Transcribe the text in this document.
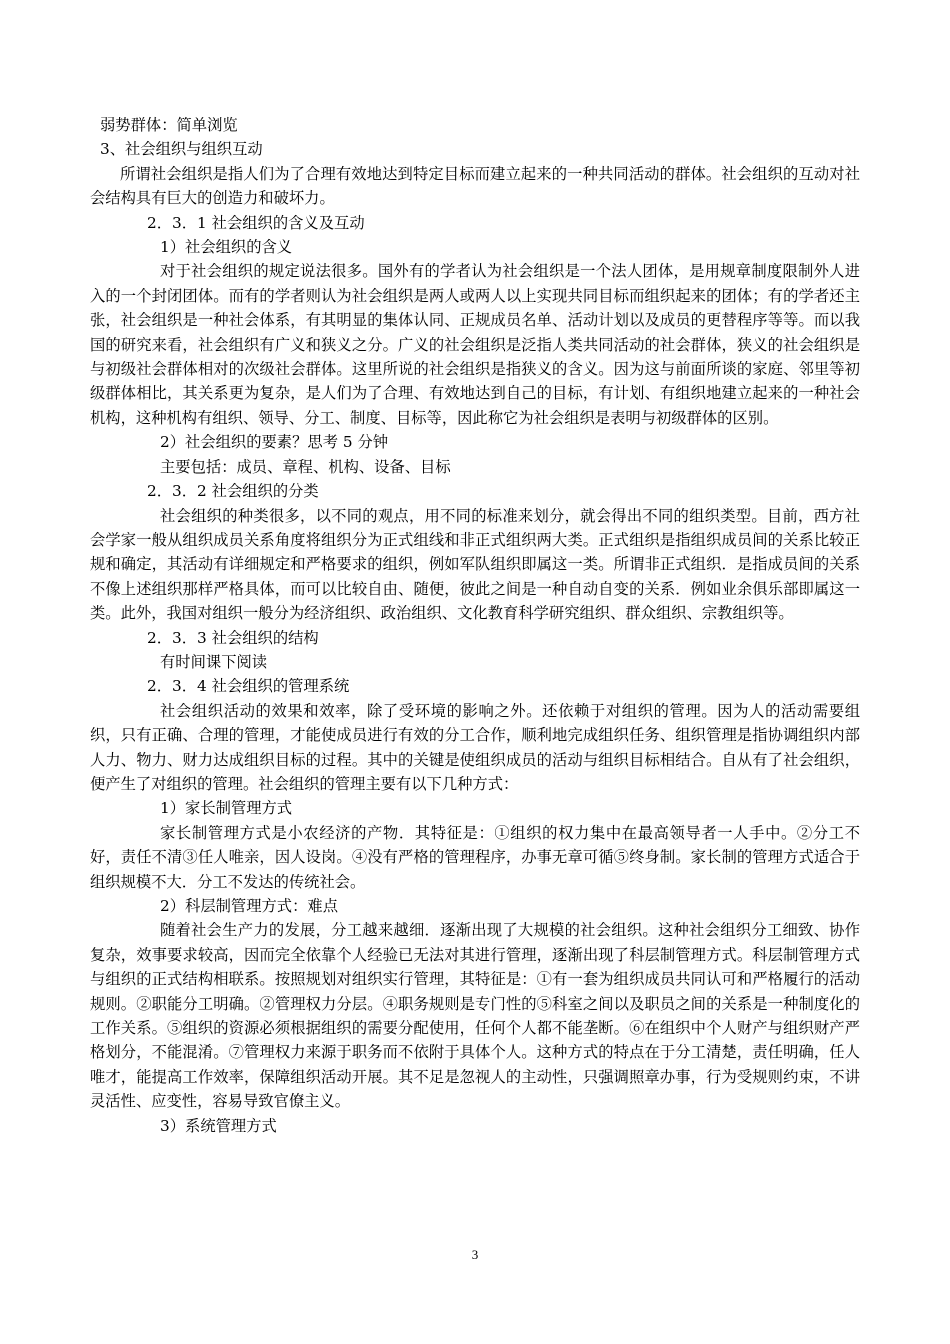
弱势群体：简单浏览

3、社会组织与组织互动

所谓社会组织是指人们为了合理有效地达到特定目标而建立起来的一种共同活动的群体。社会组织的互动对社会结构具有巨大的创造力和破坏力。

2．3．1 社会组织的含义及互动

1）社会组织的含义

对于社会组织的规定说法很多。国外有的学者认为社会组织是一个法人团体，是用规章制度限制外人进入的一个封闭团体。而有的学者则认为社会组织是两人或两人以上实现共同目标而组织起来的团体；有的学者还主张，社会组织是一种社会体系，有其明显的集体认同、正规成员名单、活动计划以及成员的更替程序等等。而以我国的研究来看，社会组织有广义和狭义之分。广义的社会组织是泛指人类共同活动的社会群体，狭义的社会组织是与初级社会群体相对的次级社会群体。这里所说的社会组织是指狭义的含义。因为这与前面所谈的家庭、邻里等初级群体相比，其关系更为复杂，是人们为了合理、有效地达到自己的目标，有计划、有组织地建立起来的一种社会机构，这种机构有组织、领导、分工、制度、目标等，因此称它为社会组织是表明与初级群体的区别。

2）社会组织的要素？思考 5 分钟

主要包括：成员、章程、机构、设备、目标

2．3．2 社会组织的分类

社会组织的种类很多，以不同的观点，用不同的标准来划分，就会得出不同的组织类型。目前，西方社会学家一般从组织成员关系角度将组织分为正式组线和非正式组织两大类。正式组织是指组织成员间的关系比较正规和确定，其活动有详细规定和严格要求的组织，例如军队组织即属这一类。所谓非正式组织．是指成员间的关系不像上述组织那样严格具体，而可以比较自由、随便，彼此之间是一种自动自变的关系．例如业余俱乐部即属这一类。此外，我国对组织一般分为经济组织、政治组织、文化教育科学研究组织、群众组织、宗教组织等。

2．3．3 社会组织的结构

有时间课下阅读

2．3．4 社会组织的管理系统

社会组织活动的效果和效率，除了受环境的影响之外。还依赖于对组织的管理。因为人的活动需要组织，只有正确、合理的管理，才能使成员进行有效的分工合作，顺利地完成组织任务、组织管理是指协调组织内部人力、物力、财力达成组织目标的过程。其中的关键是使组织成员的活动与组织目标相结合。自从有了社会组织，便产生了对组织的管理。社会组织的管理主要有以下几种方式：

1）家长制管理方式

家长制管理方式是小农经济的产物．其特征是：①组织的权力集中在最高领导者一人手中。②分工不好，责任不清③任人唯亲，因人设岗。④没有严格的管理程序，办事无章可循⑤终身制。家长制的管理方式适合于组织规模不大．分工不发达的传统社会。

2）科层制管理方式：难点

随着社会生产力的发展，分工越来越细．逐渐出现了大规模的社会组织。这种社会组织分工细致、协作复杂，效事要求较高，因而完全依靠个人经验已无法对其进行管理，逐渐出现了科层制管理方式。科层制管理方式与组织的正式结构相联系。按照规划对组织实行管理，其特征是：①有一套为组织成员共同认可和严格履行的活动规则。②职能分工明确。②管理权力分层。④职务规则是专门性的⑤科室之间以及职员之间的关系是一种制度化的工作关系。⑤组织的资源必须根据组织的需要分配使用，任何个人都不能垄断。⑥在组织中个人财产与组织财产严格划分，不能混淆。⑦管理权力来源于职务而不依附于具体个人。这种方式的特点在于分工清楚，责任明确，任人唯才，能提高工作效率，保障组织活动开展。其不足是忽视人的主动性，只强调照章办事，行为受规则约束，不讲灵活性、应变性，容易导致官僚主义。

3）系统管理方式

3
